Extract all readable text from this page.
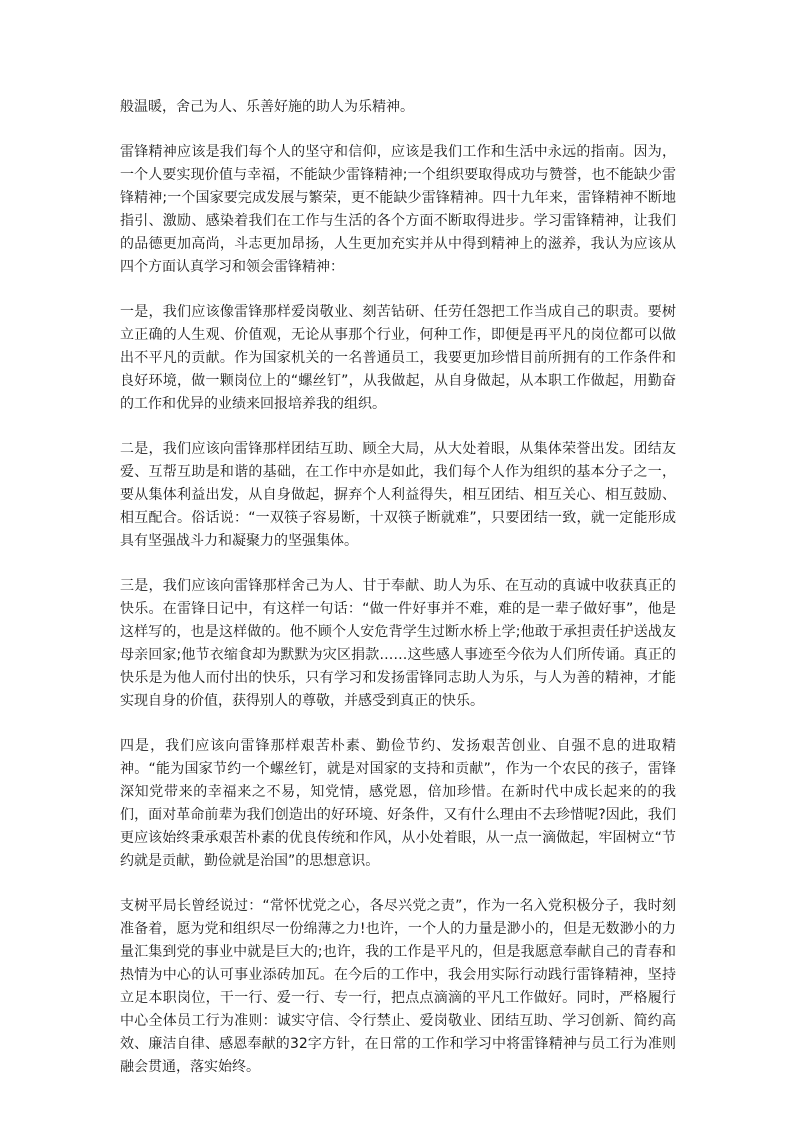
般温暖，舍己为人、乐善好施的助人为乐精神。

雷锋精神应该是我们每个人的坚守和信仰，应该是我们工作和生活中永远的指南。因为，一个人要实现价值与幸福，不能缺少雷锋精神;一个组织要取得成功与赞誉，也不能缺少雷锋精神;一个国家要完成发展与繁荣，更不能缺少雷锋精神。四十九年来，雷锋精神不断地指引、激励、感染着我们在工作与生活的各个方面不断取得进步。学习雷锋精神，让我们的品德更加高尚，斗志更加昂扬，人生更加充实并从中得到精神上的滋养，我认为应该从四个方面认真学习和领会雷锋精神：

一是，我们应该像雷锋那样爱岗敬业、刻苦钻研、任劳任怨把工作当成自己的职责。要树立正确的人生观、价值观，无论从事那个行业，何种工作，即便是再平凡的岗位都可以做出不平凡的贡献。作为国家机关的一名普通员工，我要更加珍惜目前所拥有的工作条件和良好环境，做一颗岗位上的“螺丝钉”，从我做起，从自身做起，从本职工作做起，用勤奋的工作和优异的业绩来回报培养我的组织。

二是，我们应该向雷锋那样团结互助、顾全大局，从大处着眼，从集体荣誉出发。团结友爱、互帮互助是和谐的基础，在工作中亦是如此，我们每个人作为组织的基本分子之一，要从集体利益出发，从自身做起，摒弃个人利益得失，相互团结、相互关心、相互鼓励、相互配合。俗话说：“一双筷子容易断，十双筷子断就难”，只要团结一致，就一定能形成具有坚强战斗力和凝聚力的坚强集体。

三是，我们应该向雷锋那样舍己为人、甘于奉献、助人为乐、在互动的真诚中收获真正的快乐。在雷锋日记中，有这样一句话：“做一件好事并不难，难的是一辈子做好事”，他是这样写的，也是这样做的。他不顾个人安危背学生过断水桥上学;他敢于承担责任护送战友母亲回家;他节衣缩食却为默默为灾区捐款……这些感人事迹至今依为人们所传诵。真正的快乐是为他人而付出的快乐，只有学习和发扬雷锋同志助人为乐，与人为善的精神，才能实现自身的价值，获得别人的尊敬，并感受到真正的快乐。

四是，我们应该向雷锋那样艰苦朴素、勤俭节约、发扬艰苦创业、自强不息的进取精神。“能为国家节约一个螺丝钉，就是对国家的支持和贡献”，作为一个农民的孩子，雷锋深知党带来的幸福来之不易，知党情，感党恩，倍加珍惜。在新时代中成长起来的的我们，面对革命前辈为我们创造出的好环境、好条件，又有什么理由不去珍惜呢?因此，我们更应该始终秉承艰苦朴素的优良传统和作风，从小处着眼，从一点一滴做起，牢固树立“节约就是贡献，勤俭就是治国”的思想意识。

支树平局长曾经说过：“常怀忧党之心，各尽兴党之责”，作为一名入党积极分子，我时刻准备着，愿为党和组织尽一份绵薄之力!也许，一个人的力量是渺小的，但是无数渺小的力量汇集到党的事业中就是巨大的;也许，我的工作是平凡的，但是我愿意奉献自己的青春和热情为中心的认可事业添砖加瓦。在今后的工作中，我会用实际行动践行雷锋精神，坚持立足本职岗位，干一行、爱一行、专一行，把点点滴滴的平凡工作做好。同时，严格履行中心全体员工行为准则：诚实守信、令行禁止、爱岗敬业、团结互助、学习创新、简约高效、廉洁自律、感恩奉献的32字方针，在日常的工作和学习中将雷锋精神与员工行为准则融会贯通，落实始终。
